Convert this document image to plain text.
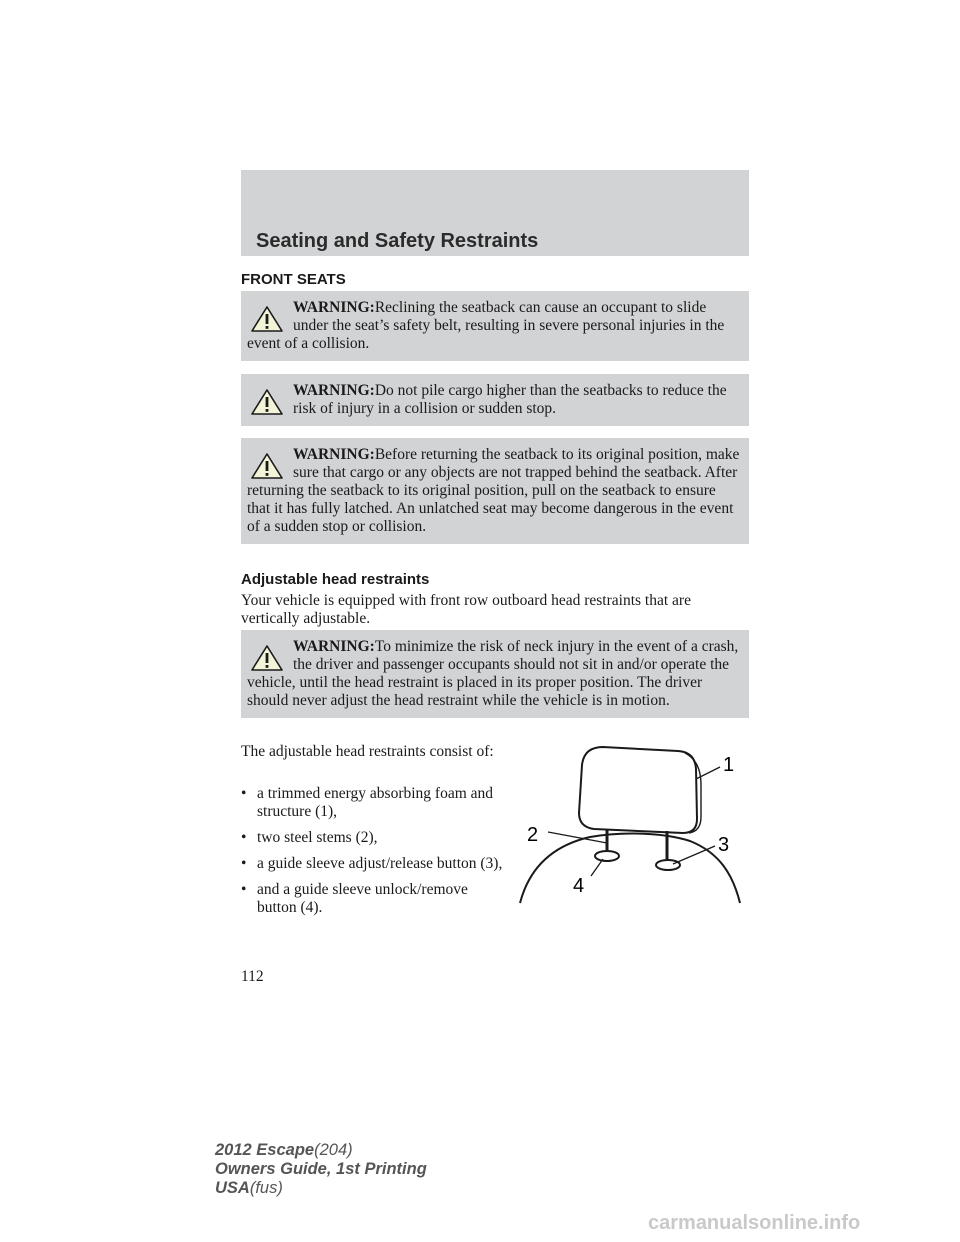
Seating and Safety Restraints
FRONT SEATS
WARNING:Reclining the seatback can cause an occupant to slide under the seat’s safety belt, resulting in severe personal injuries in the event of a collision.
WARNING:Do not pile cargo higher than the seatbacks to reduce the risk of injury in a collision or sudden stop.
WARNING:Before returning the seatback to its original position, make sure that cargo or any objects are not trapped behind the seatback. After returning the seatback to its original position, pull on the seatback to ensure that it has fully latched. An unlatched seat may become dangerous in the event of a sudden stop or collision.
Adjustable head restraints

Your vehicle is equipped with front row outboard head restraints that are vertically adjustable.

WARNING:To minimize the risk of neck injury in the event of a crash, the driver and passenger occupants should not sit in and/or operate the vehicle, until the head restraint is placed in its proper position. The driver should never adjust the head restraint while the vehicle is in motion.

The adjustable head restraints consist of:

• a trimmed energy absorbing foam and structure (1),
• two steel stems (2),
• a guide sleeve adjust/release button (3),
• and a guide sleeve unlock/remove button (4).
1
2	3
4

112

2012 Escape(204)
Owners Guide, 1st Printing
USA(fus)
carmanualsonline.info
